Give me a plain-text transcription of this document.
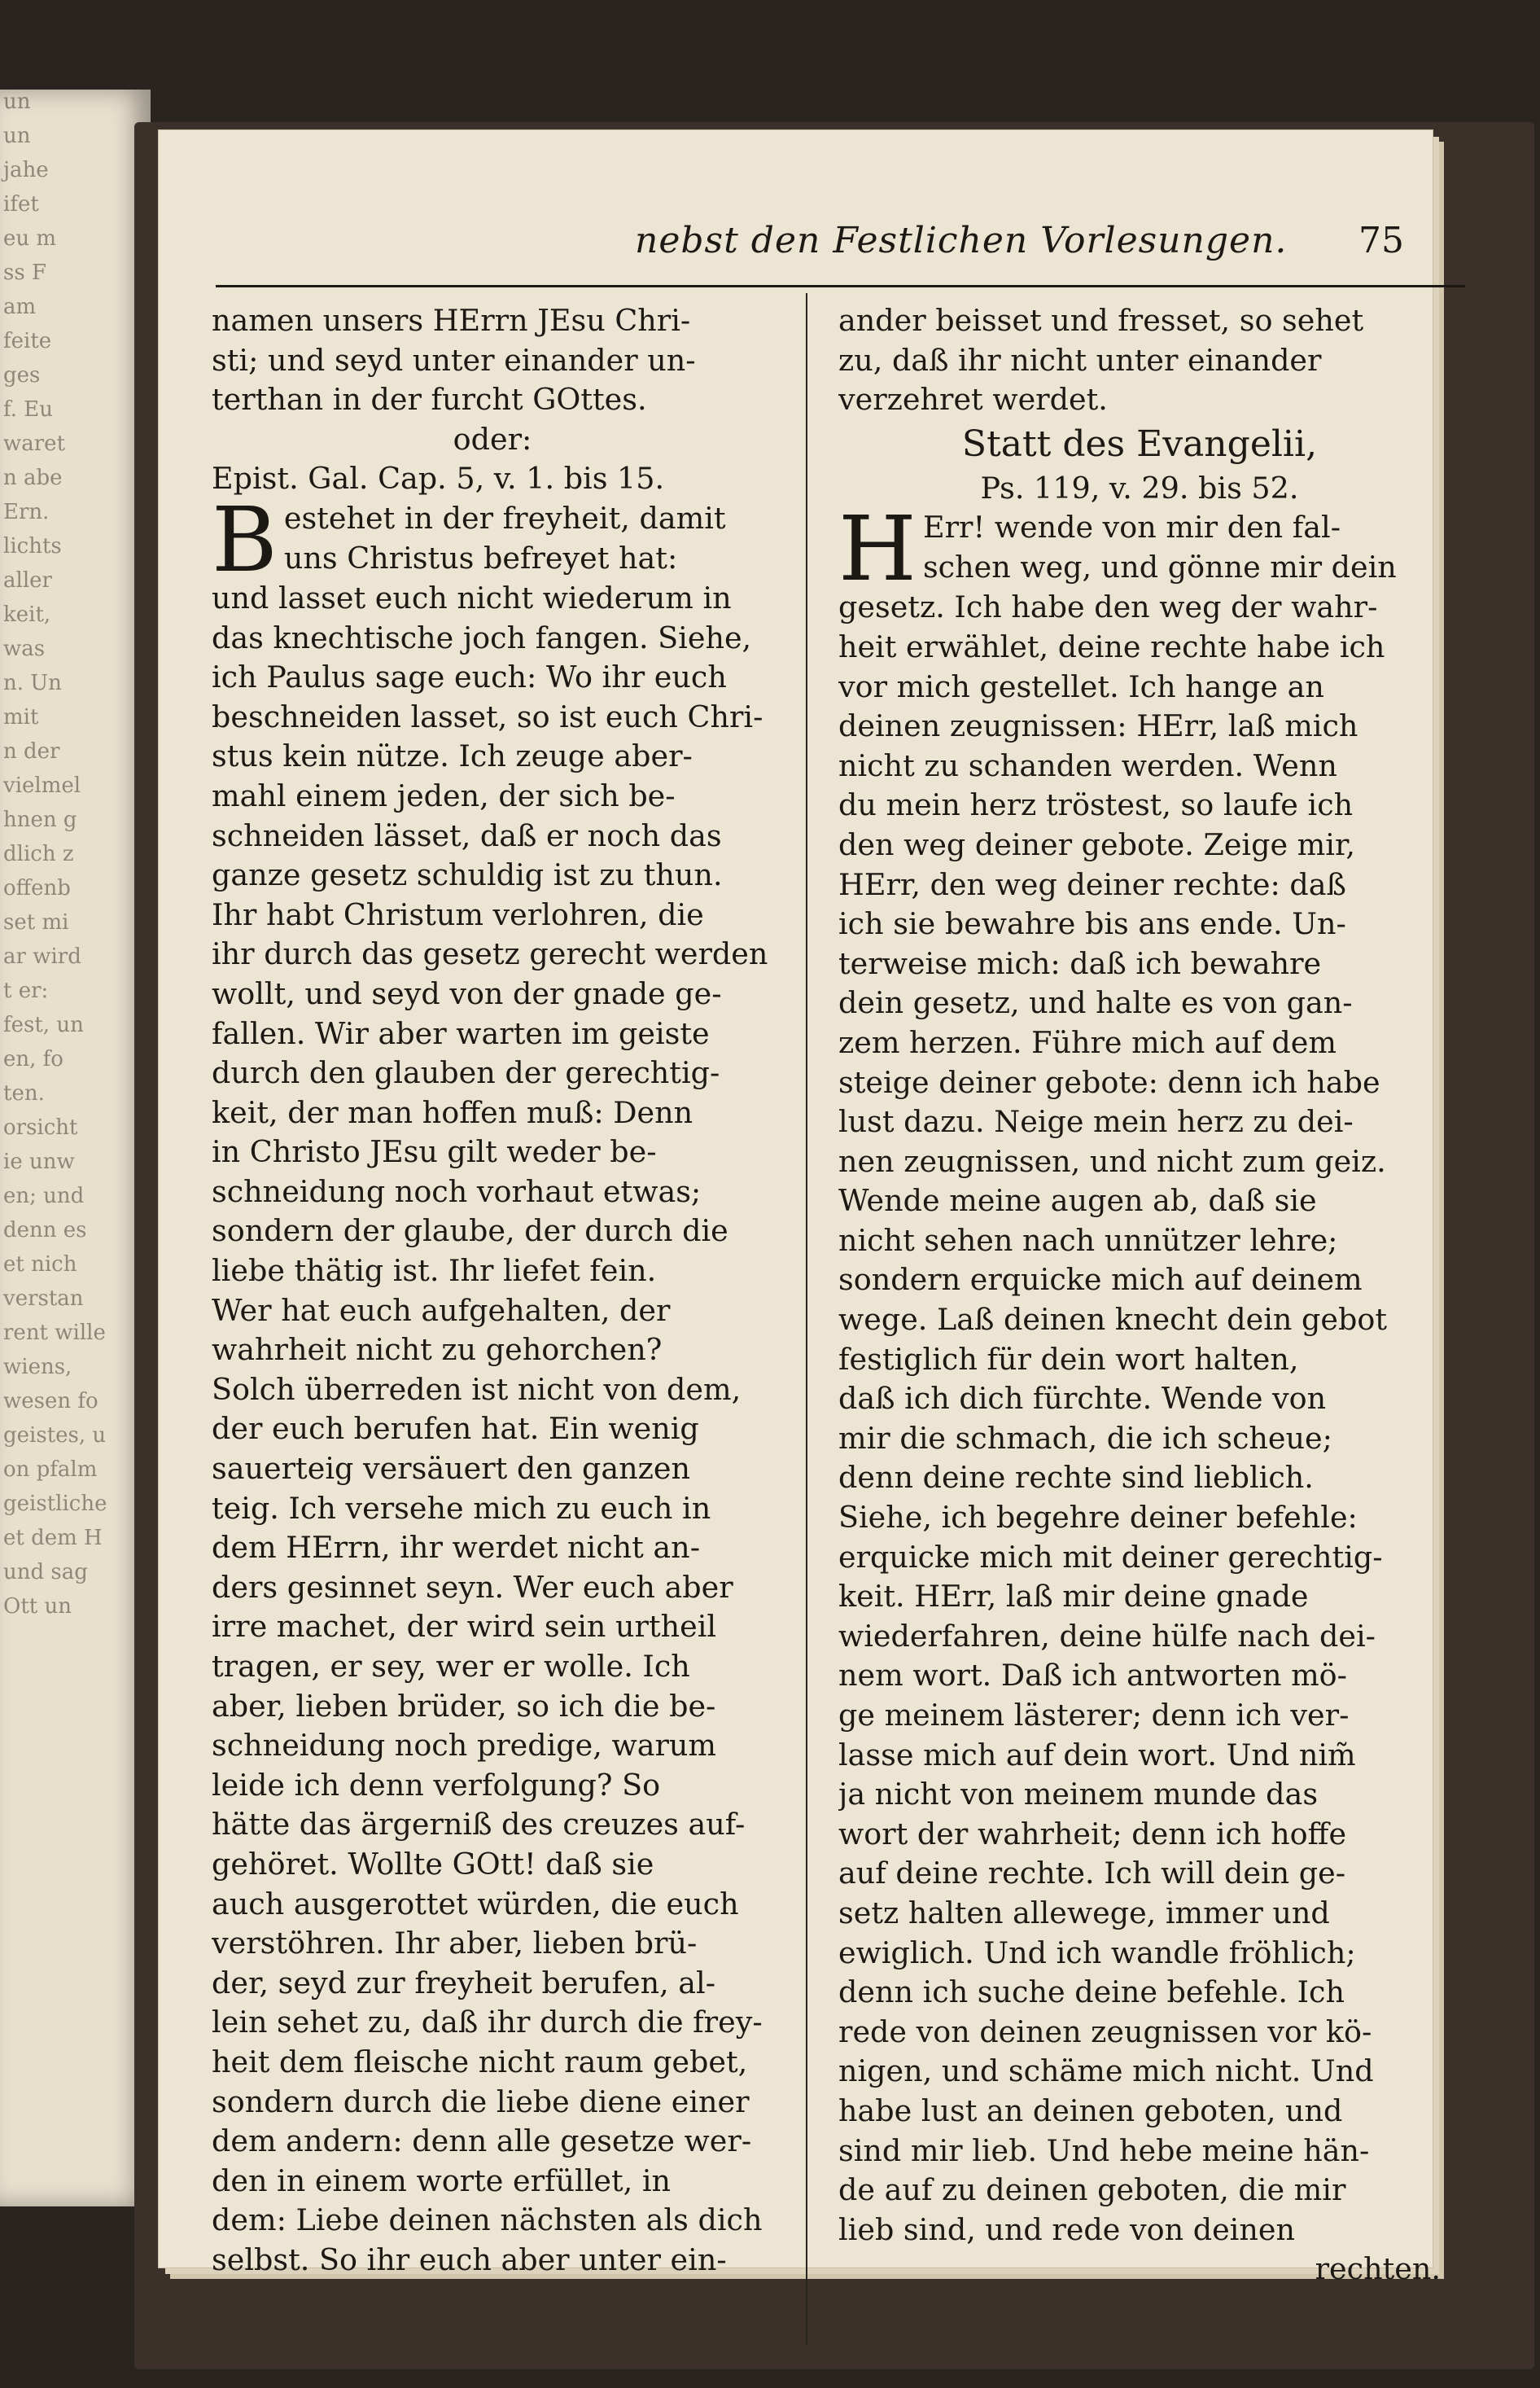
un
un
jahe
ifet
eu m
ss F
am
feite
ges
f. Eu
waret
n abe
Ern.
lichts
aller
keit,
was
n. Un
mit
n der
vielmel
hnen g
dlich z
offenb
set mi
ar wird
t er:
fest, un
en, fo
ten.
orsicht
ie unw
en; und
denn es
et nich
verstan
rent wille
wiens,
wesen fo
geistes, u
on pfalm
geistliche
et dem H
und sag
Ott un
nebst den Festlichen Vorlesungen. 75
namen unsers HErrn JEsu Chri-
sti; und seyd unter einander un-
terthan in der furcht GOttes.
oder:
Epist. Gal. Cap. 5, v. 1. bis 15.
B estehet in der freyheit, damit
uns Christus befreyet hat:
und lasset euch nicht wiederum in
das knechtische joch fangen. Siehe,
ich Paulus sage euch: Wo ihr euch
beschneiden lasset, so ist euch Chri-
stus kein nütze. Ich zeuge aber-
mahl einem jeden, der sich be-
schneiden lässet, daß er noch das
ganze gesetz schuldig ist zu thun.
Ihr habt Christum verlohren, die
ihr durch das gesetz gerecht werden
wollt, und seyd von der gnade ge-
fallen. Wir aber warten im geiste
durch den glauben der gerechtig-
keit, der man hoffen muß: Denn
in Christo JEsu gilt weder be-
schneidung noch vorhaut etwas;
sondern der glaube, der durch die
liebe thätig ist. Ihr liefet fein.
Wer hat euch aufgehalten, der
wahrheit nicht zu gehorchen?
Solch überreden ist nicht von dem,
der euch berufen hat. Ein wenig
sauerteig versäuert den ganzen
teig. Ich versehe mich zu euch in
dem HErrn, ihr werdet nicht an-
ders gesinnet seyn. Wer euch aber
irre machet, der wird sein urtheil
tragen, er sey, wer er wolle. Ich
aber, lieben brüder, so ich die be-
schneidung noch predige, warum
leide ich denn verfolgung? So
hätte das ärgerniß des creuzes auf-
gehöret. Wollte GOtt! daß sie
auch ausgerottet würden, die euch
verstöhren. Ihr aber, lieben brü-
der, seyd zur freyheit berufen, al-
lein sehet zu, daß ihr durch die frey-
heit dem fleische nicht raum gebet,
sondern durch die liebe diene einer
dem andern: denn alle gesetze wer-
den in einem worte erfüllet, in
dem: Liebe deinen nächsten als dich
selbst. So ihr euch aber unter ein-
ander beisset und fresset, so sehet
zu, daß ihr nicht unter einander
verzehret werdet.
Statt des Evangelii,
Ps. 119, v. 29. bis 52.
H Err! wende von mir den fal-
schen weg, und gönne mir dein
gesetz. Ich habe den weg der wahr-
heit erwählet, deine rechte habe ich
vor mich gestellet. Ich hange an
deinen zeugnissen: HErr, laß mich
nicht zu schanden werden. Wenn
du mein herz tröstest, so laufe ich
den weg deiner gebote. Zeige mir,
HErr, den weg deiner rechte: daß
ich sie bewahre bis ans ende. Un-
terweise mich: daß ich bewahre
dein gesetz, und halte es von gan-
zem herzen. Führe mich auf dem
steige deiner gebote: denn ich habe
lust dazu. Neige mein herz zu dei-
nen zeugnissen, und nicht zum geiz.
Wende meine augen ab, daß sie
nicht sehen nach unnützer lehre;
sondern erquicke mich auf deinem
wege. Laß deinen knecht dein gebot
festiglich für dein wort halten,
daß ich dich fürchte. Wende von
mir die schmach, die ich scheue;
denn deine rechte sind lieblich.
Siehe, ich begehre deiner befehle:
erquicke mich mit deiner gerechtig-
keit. HErr, laß mir deine gnade
wiederfahren, deine hülfe nach dei-
nem wort. Daß ich antworten mö-
ge meinem lästerer; denn ich ver-
lasse mich auf dein wort. Und nim̃
ja nicht von meinem munde das
wort der wahrheit; denn ich hoffe
auf deine rechte. Ich will dein ge-
setz halten allewege, immer und
ewiglich. Und ich wandle fröhlich;
denn ich suche deine befehle. Ich
rede von deinen zeugnissen vor kö-
nigen, und schäme mich nicht. Und
habe lust an deinen geboten, und
sind mir lieb. Und hebe meine hän-
de auf zu deinen geboten, die mir
lieb sind, und rede von deinen
rechten.
